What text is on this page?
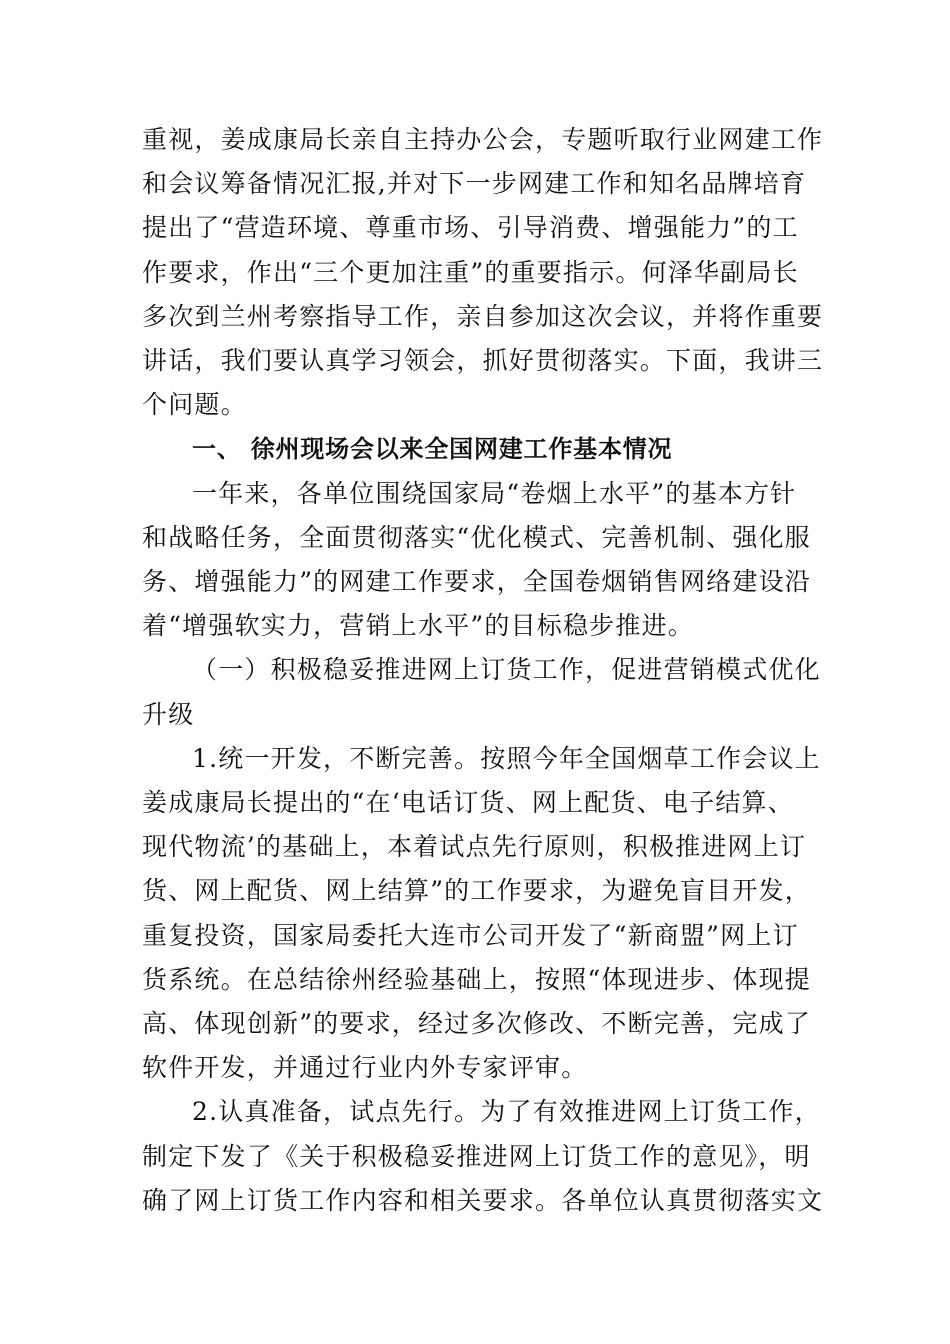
重视，姜成康局长亲自主持办公会，专题听取行业网建工作
和会议筹备情况汇报,并对下一步网建工作和知名品牌培育
提出了“营造环境、尊重市场、引导消费、增强能力”的工
作要求，作出“三个更加注重”的重要指示。何泽华副局长
多次到兰州考察指导工作，亲自参加这次会议，并将作重要
讲话，我们要认真学习领会，抓好贯彻落实。下面，我讲三
个问题。
一、 徐州现场会以来全国网建工作基本情况
一年来，各单位围绕国家局“卷烟上水平”的基本方针
和战略任务，全面贯彻落实“优化模式、完善机制、强化服
务、增强能力”的网建工作要求，全国卷烟销售网络建设沿
着“增强软实力，营销上水平”的目标稳步推进。
（一）积极稳妥推进网上订货工作，促进营销模式优化
升级
1.统一开发，不断完善。按照今年全国烟草工作会议上
姜成康局长提出的“在‘电话订货、网上配货、电子结算、
现代物流’的基础上，本着试点先行原则，积极推进网上订
货、网上配货、网上结算”的工作要求，为避免盲目开发，
重复投资，国家局委托大连市公司开发了“新商盟”网上订
货系统。在总结徐州经验基础上，按照“体现进步、体现提
高、体现创新”的要求，经过多次修改、不断完善，完成了
软件开发，并通过行业内外专家评审。
2.认真准备，试点先行。为了有效推进网上订货工作，
制定下发了《关于积极稳妥推进网上订货工作的意见》，明
确了网上订货工作内容和相关要求。各单位认真贯彻落实文
